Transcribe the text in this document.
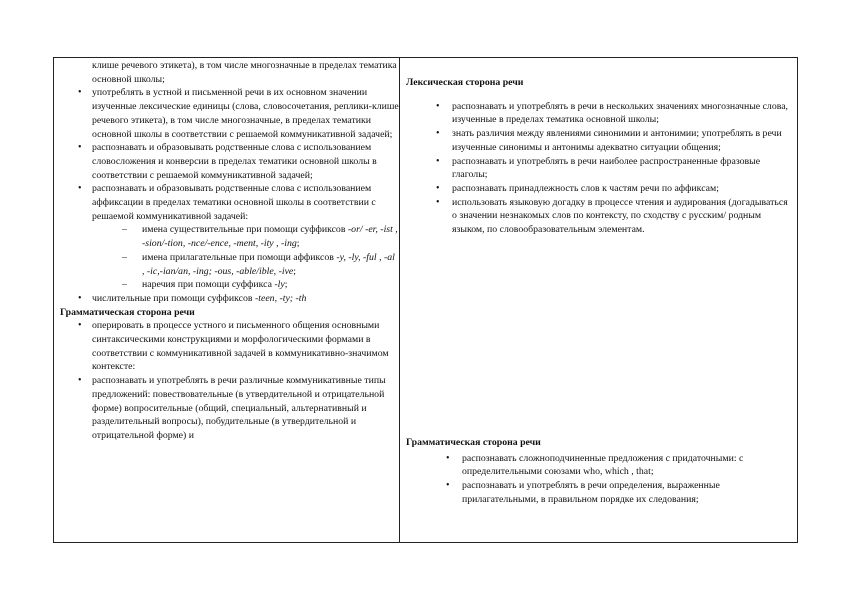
клише речевого этикета), в том числе многозначные в пределах тематика основной школы;
• употреблять в устной и письменной речи в их основном значении изученные лексические единицы (слова, словосочетания, реплики-клише речевого этикета), в том числе многозначные, в пределах тематики основной школы в соответствии с решаемой коммуникативной задачей;
• распознавать и образовывать родственные слова с использованием словосложения и конверсии в пределах тематики основной школы в соответствии с решаемой коммуникативной задачей;
• распознавать и образовывать родственные слова с использованием аффиксации в пределах тематики основной школы в соответствии с решаемой коммуникативной задачей:
– имена существительные при помощи суффиксов -or/ -er, -ist , -sion/-tion, -nce/-ence, -ment, -ity , -ing;
– имена прилагательные при помощи аффиксов -y, -ly, -ful , -al , -ic,-ian/an, -ing; -ous, -able/ible, -ive;
– наречия при помощи суффикса -ly;
• числительные при помощи суффиксов -teen, -ty; -th
Грамматическая сторона речи
• оперировать в процессе устного и письменного общения основными синтаксическими конструкциями и морфологическими формами в соответствии с коммуникативной задачей в коммуникативно-значимом контексте:
• распознавать и употреблять в речи различные коммуникативные типы предложений: повествовательные (в утвердительной и отрицательной форме) вопросительные (общий, специальный, альтернативный и разделительный вопросы), побудительные (в утвердительной и отрицательной форме) и
Лексическая сторона речи
• распознавать и употреблять в речи в нескольких значениях многозначные слова, изученные в пределах тематика основной школы;
• знать различия между явлениями синонимии и антонимии; употреблять в речи изученные синонимы и антонимы адекватно ситуации общения;
• распознавать и употреблять в речи наиболее распространенные фразовые глаголы;
• распознавать принадлежность слов к частям речи по аффиксам;
• использовать языковую догадку в процессе чтения и аудирования (догадываться о значении незнакомых слов по контексту, по сходству с русским/ родным языком, по словообразовательным элементам.
Грамматическая сторона речи
• распознавать сложноподчиненные предложения с придаточными: с определительными союзами who, which , that;
• распознавать и употреблять в речи определения, выраженные прилагательными, в правильном порядке их следования;
